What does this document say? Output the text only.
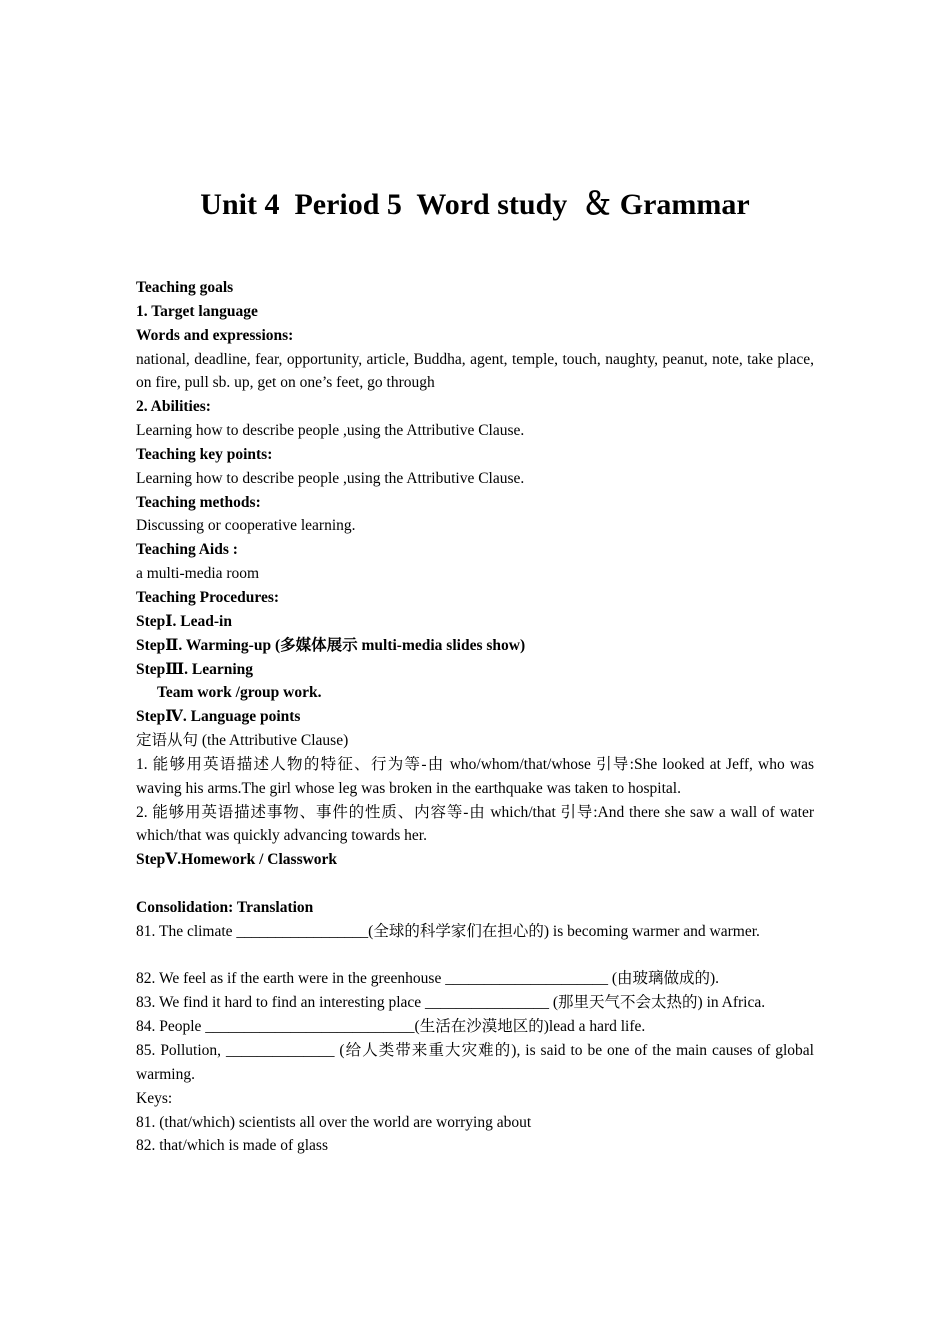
Unit 4  Period 5  Word study  ＆ Grammar
Teaching goals
1. Target language
Words and expressions:
national, deadline, fear, opportunity, article, Buddha, agent, temple, touch, naughty, peanut, note, take place, on fire, pull sb. up, get on one’s feet, go through
2. Abilities:
Learning how to describe people ,using the Attributive Clause.
Teaching key points:
Learning how to describe people ,using the Attributive Clause.
Teaching methods:
Discussing or cooperative learning.
Teaching Aids :
a multi-media room
Teaching Procedures:
StepⅠ. Lead-in
StepⅡ. Warming-up (多媒体展示 multi-media slides show)
StepⅢ. Learning
Team work /group work.
StepⅣ. Language points
定语从句 (the Attributive Clause)
1. 能够用英语描述人物的特征、行为等-由 who/whom/that/whose 引导:She looked at Jeff, who was waving his arms.The girl whose leg was broken in the earthquake was taken to hospital.
2. 能够用英语描述事物、事件的性质、内容等-由 which/that 引导:And there she saw a wall of water which/that was quickly advancing towards her.
StepⅤ.Homework / Classwork
Consolidation: Translation
81. The climate _________________(全球的科学家们在担心的) is becoming warmer and warmer.
82. We feel as if the earth were in the greenhouse _____________________ (由玻璃做成的).
83. We find it hard to find an interesting place ________________ (那里天气不会太热的) in Africa.
84. People ___________________________(生活在沙漠地区的)lead a hard life.
85. Pollution, ______________ (给人类带来重大灾难的), is said to be one of the main causes of global warming.
Keys:
81. (that/which) scientists all over the world are worrying about
82. that/which is made of glass
